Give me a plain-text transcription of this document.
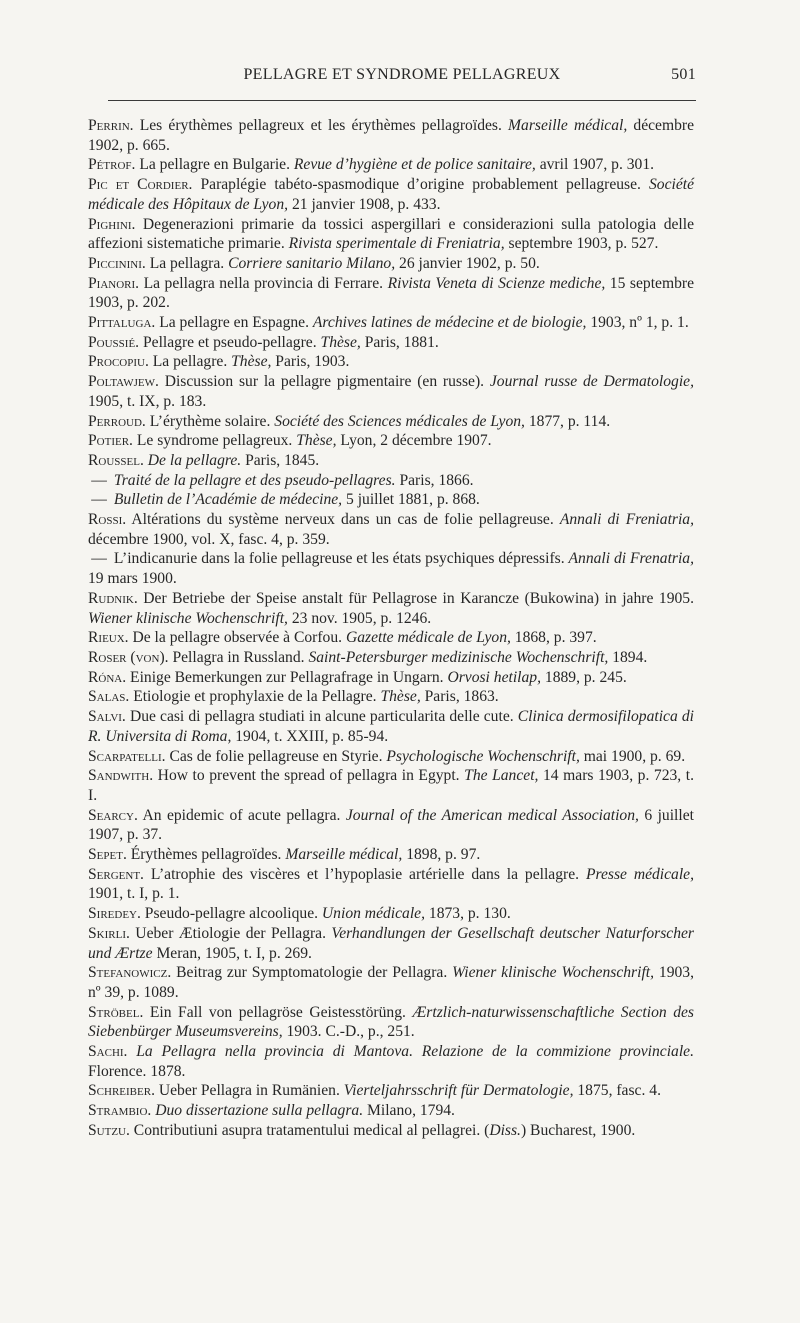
PELLAGRE ET SYNDROME PELLAGREUX	501

Perrin. Les érythèmes pellagreux et les érythèmes pellagroïdes. Marseille médical, décembre 1902, p. 665.

Pétrof. La pellagre en Bulgarie. Revue d’hygiène et de police sanitaire, avril 1907, p. 301.

Pic et Cordier. Paraplégie tabéto-spasmodique d’origine probablement pellagreuse. Société médicale des Hôpitaux de Lyon, 21 janvier 1908, p. 433.

Pighini. Degenerazioni primarie da tossici aspergillari e considerazioni sulla patologia delle affezioni sistematiche primarie. Rivista sperimentale di Freniatria, septembre 1903, p. 527.

Piccinini. La pellagra. Corriere sanitario Milano, 26 janvier 1902, p. 50.

Pianori. La pellagra nella provincia di Ferrare. Rivista Veneta di Scienze mediche, 15 septembre 1903, p. 202.

Pittaluga. La pellagre en Espagne. Archives latines de médecine et de biologie, 1903, nº 1, p. 1.

Poussié. Pellagre et pseudo-pellagre. Thèse, Paris, 1881.

Procopiu. La pellagre. Thèse, Paris, 1903.

Poltawjew. Discussion sur la pellagre pigmentaire (en russe). Journal russe de Dermatologie, 1905, t. IX, p. 183.

Perroud. L’érythème solaire. Société des Sciences médicales de Lyon, 1877, p. 114.

Potier. Le syndrome pellagreux. Thèse, Lyon, 2 décembre 1907.

Roussel. De la pellagre. Paris, 1845.

— Traité de la pellagre et des pseudo-pellagres. Paris, 1866.

— Bulletin de l’Académie de médecine, 5 juillet 1881, p. 868.

Rossi. Altérations du système nerveux dans un cas de folie pellagreuse. Annali di Freniatria, décembre 1900, vol. X, fasc. 4, p. 359.

— L’indicanurie dans la folie pellagreuse et les états psychiques dépressifs. Annali di Frenatria, 19 mars 1900.

Rudnik. Der Betriebe der Speise anstalt für Pellagrose in Karancze (Bukowina) in jahre 1905. Wiener klinische Wochenschrift, 23 nov. 1905, p. 1246.

Rieux. De la pellagre observée à Corfou. Gazette médicale de Lyon, 1868, p. 397.

Roser (von). Pellagra in Russland. Saint-Petersburger medizinische Wochenschrift, 1894.

Róna. Einige Bemerkungen zur Pellagrafrage in Ungarn. Orvosi hetilap, 1889, p. 245.

Salas. Etiologie et prophylaxie de la Pellagre. Thèse, Paris, 1863.

Salvi. Due casi di pellagra studiati in alcune particularita delle cute. Clinica dermosifilopatica di R. Universita di Roma, 1904, t. XXIII, p. 85-94.

Scarpatelli. Cas de folie pellagreuse en Styrie. Psychologische Wochenschrift, mai 1900, p. 69.

Sandwith. How to prevent the spread of pellagra in Egypt. The Lancet, 14 mars 1903, p. 723, t. I.

Searcy. An epidemic of acute pellagra. Journal of the American medical Association, 6 juillet 1907, p. 37.

Sepet. Érythèmes pellagroïdes. Marseille médical, 1898, p. 97.

Sergent. L’atrophie des viscères et l’hypoplasie artérielle dans la pellagre. Presse médicale, 1901, t. I, p. 1.

Siredey. Pseudo-pellagre alcoolique. Union médicale, 1873, p. 130.

Skirli. Ueber Ætiologie der Pellagra. Verhandlungen der Gesellschaft deutscher Naturforscher und Ærtze Meran, 1905, t. I, p. 269.

Stefanowicz. Beitrag zur Symptomatologie der Pellagra. Wiener klinische Wochenschrift, 1903, nº 39, p. 1089.

Ströbel. Ein Fall von pellagröse Geistesstörüng. Ærtzlich-naturwissenschaftliche Section des Siebenbürger Museumsvereins, 1903. C.-D., p., 251.

Sachi. La Pellagra nella provincia di Mantova. Relazione de la commizione provinciale. Florence. 1878.

Schreiber. Ueber Pellagra in Rumänien. Vierteljahrsschrift für Dermatologie, 1875, fasc. 4.

Strambio. Duo dissertazione sulla pellagra. Milano, 1794.

Sutzu. Contributiuni asupra tratamentului medical al pellagrei. (Diss.) Bucharest, 1900.
